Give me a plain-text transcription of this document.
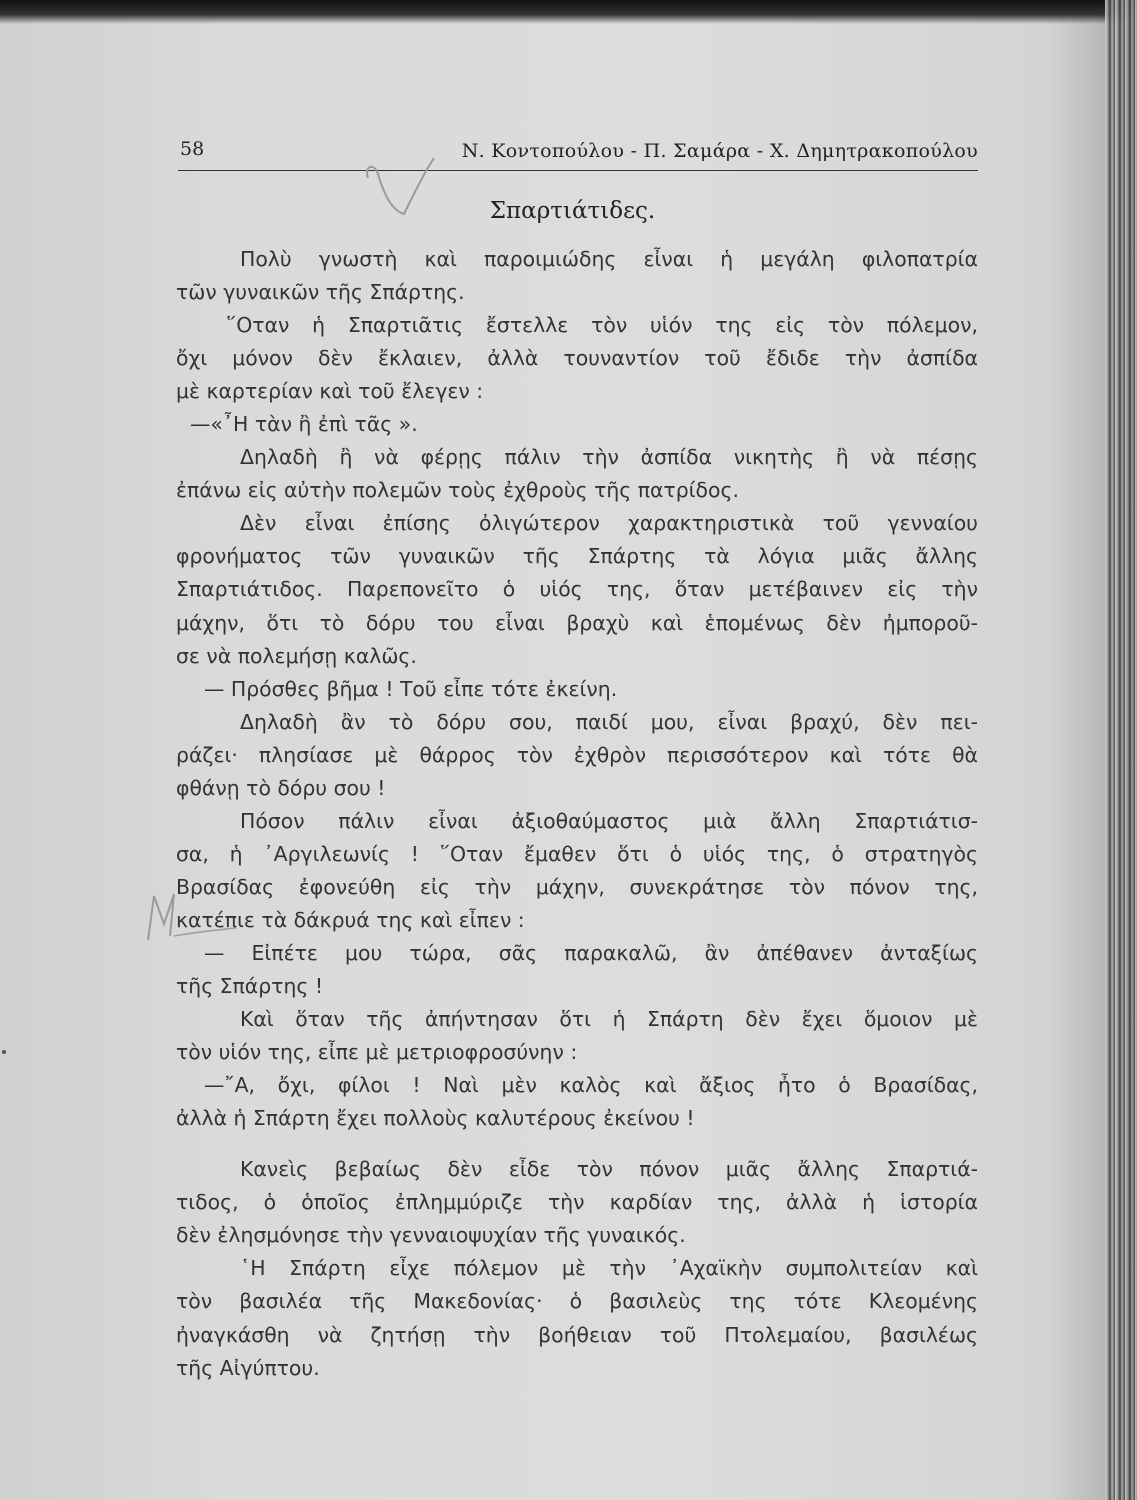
58	Ν. Κοντοπούλου - Π. Σαμάρα - Χ. Δημητρακοπούλου
Σπαρτιάτιδες.
Πολὺ γνωστὴ καὶ παροιμιώδης εἶναι ἡ μεγάλη φιλοπατρία
τῶν γυναικῶν τῆς Σπάρτης.
῞Οταν ἡ Σπαρτιᾶτις ἔστελλε τὸν υἱόν της εἰς τὸν πόλεμον,
ὄχι μόνον δὲν ἔκλαιεν, ἀλλὰ τουναντίον τοῦ ἔδιδε τὴν ἀσπίδα
μὲ καρτερίαν καὶ τοῦ ἔλεγεν :
—«῏Η τὰν ἢ ἐπὶ τᾶς ».
Δηλαδὴ ἢ νὰ φέρῃς πάλιν τὴν ἀσπίδα νικητὴς ἢ νὰ πέσῃς
ἐπάνω εἰς αὐτὴν πολεμῶν τοὺς ἐχθροὺς τῆς πατρίδος.
Δὲν εἶναι ἐπίσης ὀλιγώτερον χαρακτηριστικὰ τοῦ γενναίου
φρονήματος τῶν γυναικῶν τῆς Σπάρτης τὰ λόγια μιᾶς ἄλλης
Σπαρτιάτιδος. Παρεπονεῖτο ὁ υἱός της, ὅταν μετέβαινεν εἰς τὴν
μάχην, ὅτι τὸ δόρυ του εἶναι βραχὺ καὶ ἑπομένως δὲν ἠμποροῦ-
σε νὰ πολεμήσῃ καλῶς.
— Πρόσθες βῆμα ! Τοῦ εἶπε τότε ἐκείνη.
Δηλαδὴ ἂν τὸ δόρυ σου, παιδί μου, εἶναι βραχύ, δὲν πει-
ράζει· πλησίασε μὲ θάρρος τὸν ἐχθρὸν περισσότερον καὶ τότε θὰ
φθάνῃ τὸ δόρυ σου !
Πόσον πάλιν εἶναι ἀξιοθαύμαστος μιὰ ἄλλη Σπαρτιάτισ-
σα, ἡ ᾿Αργιλεωνίς ! ῞Οταν ἔμαθεν ὅτι ὁ υἱός της, ὁ στρατηγὸς
Βρασίδας ἐφονεύθη εἰς τὴν μάχην, συνεκράτησε τὸν πόνον της,
κατέπιε τὰ δάκρυά της καὶ εἶπεν :
— Εἰπέτε μου τώρα, σᾶς παρακαλῶ, ἂν ἀπέθανεν ἀνταξίως
τῆς Σπάρτης !
Καὶ ὅταν τῆς ἀπήντησαν ὅτι ἡ Σπάρτη δὲν ἔχει ὅμοιον μὲ
τὸν υἱόν της, εἶπε μὲ μετριοφροσύνην :
—῎Α, ὄχι, φίλοι ! Ναὶ μὲν καλὸς καὶ ἄξιος ἦτο ὁ Βρασίδας,
ἀλλὰ ἡ Σπάρτη ἔχει πολλοὺς καλυτέρους ἐκείνου !
Κανεὶς βεβαίως δὲν εἶδε τὸν πόνον μιᾶς ἄλλης Σπαρτιά-
τιδος, ὁ ὁποῖος ἐπλημμύριζε τὴν καρδίαν της, ἀλλὰ ἡ ἱστορία
δὲν ἐλησμόνησε τὴν γενναιοψυχίαν τῆς γυναικός.
῾Η Σπάρτη εἶχε πόλεμον μὲ τὴν ᾿Αχαϊκὴν συμπολιτείαν καὶ
τὸν βασιλέα τῆς Μακεδονίας· ὁ βασιλεὺς της τότε Κλεομένης
ἠναγκάσθη νὰ ζητήσῃ τὴν βοήθειαν τοῦ Πτολεμαίου, βασιλέως
τῆς Αἰγύπτου.
